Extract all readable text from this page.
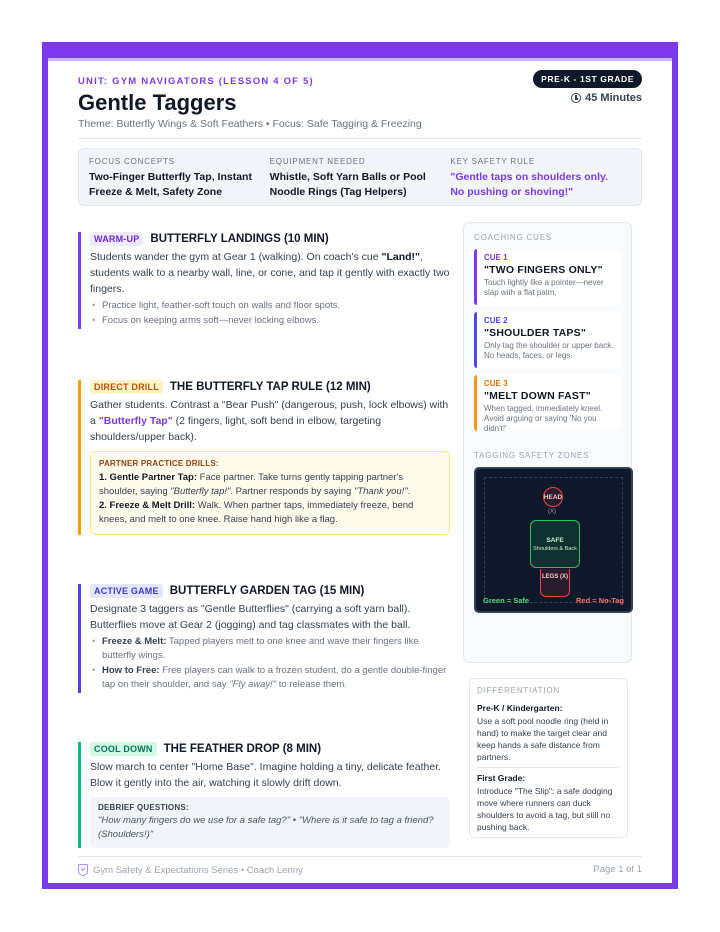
UNIT: GYM NAVIGATORS (LESSON 4 OF 5)
Gentle Taggers
Theme: Butterfly Wings & Soft Feathers • Focus: Safe Tagging & Freezing
PRE-K - 1ST GRADE
45 Minutes
FOCUS CONCEPTS
Two-Finger Butterfly Tap, Instant Freeze & Melt, Safety Zone
EQUIPMENT NEEDED
Whistle, Soft Yarn Balls or Pool Noodle Rings (Tag Helpers)
KEY SAFETY RULE
"Gentle taps on shoulders only. No pushing or shoving!"
WARM-UP BUTTERFLY LANDINGS (10 MIN)
Students wander the gym at Gear 1 (walking). On coach's cue "Land!", students walk to a nearby wall, line, or cone, and tap it gently with exactly two fingers.
• Practice light, feather-soft touch on walls and floor spots.
• Focus on keeping arms soft—never locking elbows.
DIRECT DRILL THE BUTTERFLY TAP RULE (12 MIN)
Gather students. Contrast a "Bear Push" (dangerous, push, lock elbows) with a "Butterfly Tap" (2 fingers, light, soft bend in elbow, targeting shoulders/upper back).
PARTNER PRACTICE DRILLS:
1. Gentle Partner Tap: Face partner. Take turns gently tapping partner's shoulder, saying "Butterfly tap!". Partner responds by saying "Thank you!".
2. Freeze & Melt Drill: Walk. When partner taps, immediately freeze, bend knees, and melt to one knee. Raise hand high like a flag.
ACTIVE GAME BUTTERFLY GARDEN TAG (15 MIN)
Designate 3 taggers as "Gentle Butterflies" (carrying a soft yarn ball). Butterflies move at Gear 2 (jogging) and tag classmates with the ball.
• Freeze & Melt: Tapped players melt to one knee and wave their fingers like butterfly wings.
• How to Free: Free players can walk to a frozen student, do a gentle double-finger tap on their shoulder, and say "Fly away!" to release them.
COOL DOWN THE FEATHER DROP (8 MIN)
Slow march to center "Home Base". Imagine holding a tiny, delicate feather. Blow it gently into the air, watching it slowly drift down.
DEBRIEF QUESTIONS:
"How many fingers do we use for a safe tag?" • "Where is it safe to tag a friend? (Shoulders!)"
COACHING CUES
CUE 1
"TWO FINGERS ONLY"
Touch lightly like a pointer—never slap with a flat palm.
CUE 2
"SHOULDER TAPS"
Only tag the shoulder or upper back. No heads, faces, or legs.
CUE 3
"MELT DOWN FAST"
When tagged, immediately kneel. Avoid arguing or saying 'No you didn't!'
TAGGING SAFETY ZONES
HEAD
(X)
SAFE
Shoulders & Back
LEGS (X)
Green = Safe	Red = No-Tag
DIFFERENTIATION
Pre-K / Kindergarten:
Use a soft pool noodle ring (held in hand) to make the target clear and keep hands a safe distance from partners.
First Grade:
Introduce "The Slip": a safe dodging move where runners can duck shoulders to avoid a tag, but still no pushing back.
Gym Safety & Expectations Series • Coach Lenny	Page 1 of 1
